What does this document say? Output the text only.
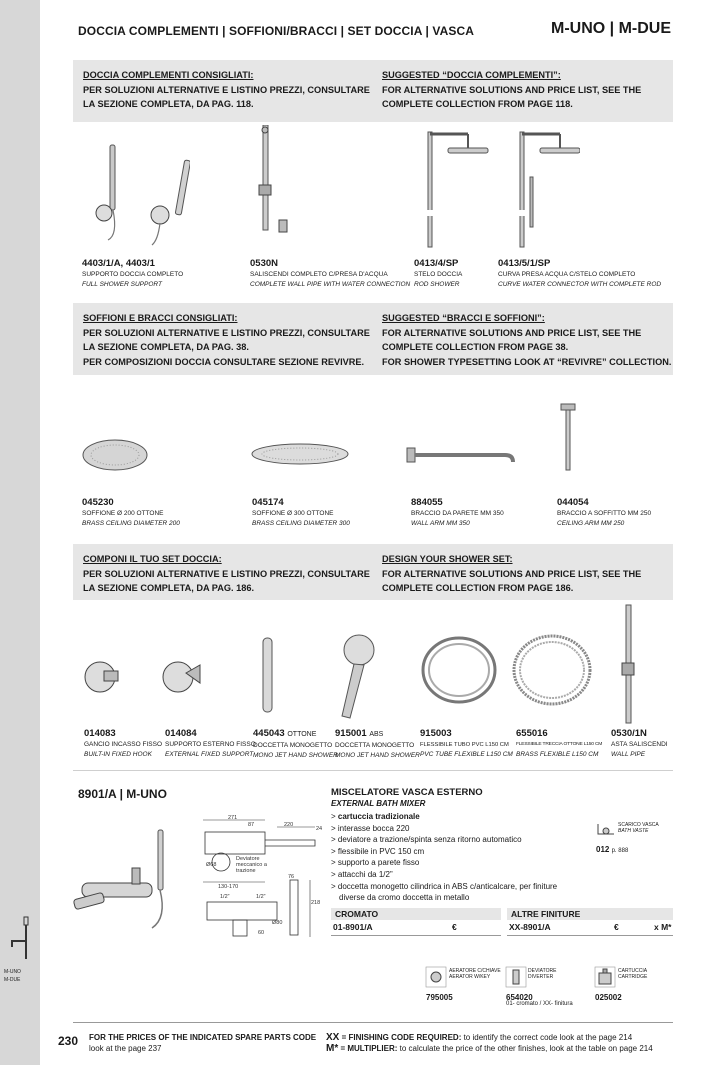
M-UNO
M-DUE
DOCCIA COMPLEMENTI | SOFFIONI/BRACCI | SET DOCCIA | VASCA	M-UNO | M-DUE
DOCCIA COMPLEMENTI CONSIGLIATI:
PER SOLUZIONI ALTERNATIVE E LISTINO PREZZI, CONSULTARE
LA SEZIONE COMPLETA, DA PAG. 118.
SUGGESTED “DOCCIA COMPLEMENTI”:
FOR ALTERNATIVE SOLUTIONS AND PRICE LIST, SEE THE
COMPLETE COLLECTION FROM PAGE 118.
4403/1/A, 4403/1
SUPPORTO DOCCIA COMPLETO
FULL SHOWER SUPPORT
0530N
SALISCENDI COMPLETO C/PRESA D'ACQUA
COMPLETE WALL PIPE WITH WATER CONNECTION
0413/4/SP
STELO DOCCIA
ROD SHOWER
0413/5/1/SP
CURVA PRESA ACQUA C/STELO COMPLETO
CURVE WATER CONNECTOR WITH COMPLETE ROD
SOFFIONI E BRACCI CONSIGLIATI:
PER SOLUZIONI ALTERNATIVE E LISTINO PREZZI, CONSULTARE
LA SEZIONE COMPLETA, DA PAG. 38.
PER COMPOSIZIONI DOCCIA CONSULTARE SEZIONE REVIVRE.
SUGGESTED “BRACCI E SOFFIONI”:
FOR ALTERNATIVE SOLUTIONS AND PRICE LIST, SEE THE
COMPLETE COLLECTION FROM PAGE 38.
FOR SHOWER TYPESETTING LOOK AT “REVIVRE” COLLECTION.
045230
SOFFIONE Ø 200 OTTONE
BRASS CEILING DIAMETER 200
045174
SOFFIONE Ø 300 OTTONE
BRASS CEILING DIAMETER 300
884055
BRACCIO DA PARETE MM 350
WALL ARM MM 350
044054
BRACCIO A SOFFITTO MM 250
CEILING ARM MM 250
COMPONI IL TUO SET DOCCIA:
PER SOLUZIONI ALTERNATIVE E LISTINO PREZZI, CONSULTARE
LA SEZIONE COMPLETA, DA PAG. 186.
DESIGN YOUR SHOWER SET:
FOR ALTERNATIVE SOLUTIONS AND PRICE LIST, SEE THE
COMPLETE COLLECTION FROM PAGE 186.
014083
GANCIO INCASSO FISSO
BUILT-IN FIXED HOOK
014084
SUPPORTO ESTERNO FISSO
EXTERNAL FIXED SUPPORT
445043 OTTONE
DOCCETTA MONOGETTO
MONO JET HAND SHOWER
915001 ABS
DOCCETTA MONOGETTO
MONO JET HAND SHOWER
915003
FLESSIBILE TUBO PVC L150 CM
PVC TUBE FLEXIBLE L150 CM
655016
FLESSIBILE TRECCIA OTTONE L150 CM
BRASS FLEXIBLE L150 CM
0530/1N
ASTA SALISCENDI
WALL PIPE
8901/A | M-UNO	MISCELATORE VASCA ESTERNO
EXTERNAL BATH MIXER
271
87	220
24
Ø68
Deviatore meccanico a trazione
130-170
1/2”	1/2”
76
218
Ø80
60
> cartuccia tradizionale
> interasse bocca 220
> deviatore a trazione/spinta senza ritorno automatico
> flessibile in PVC 150 cm
> supporto a parete fisso
> attacchi da 1/2”
> doccetta monogetto cilindrica in ABS c/anticalcare, per finiture
diverse da cromo doccetta in metallo
SCARICO VASCA
BATH VASTE
012 p. 888
CROMATO
01-8901/A	€
ALTRE FINITURE
XX-8901/A	€	x M*
AERATORE C/CHIAVE
AERATOR W/KEY
795005
DEVIATORE
DIVERTER
654020
01- cromato / XX- finitura
CARTUCCIA
CARTRIDGE
025002
230 FOR THE PRICES OF THE INDICATED SPARE PARTS CODE
look at the page 237
XX = FINISHING CODE REQUIRED: to identify the correct code look at the page 214
M* = MULTIPLIER: to calculate the price of the other finishes, look at the table on page 214
